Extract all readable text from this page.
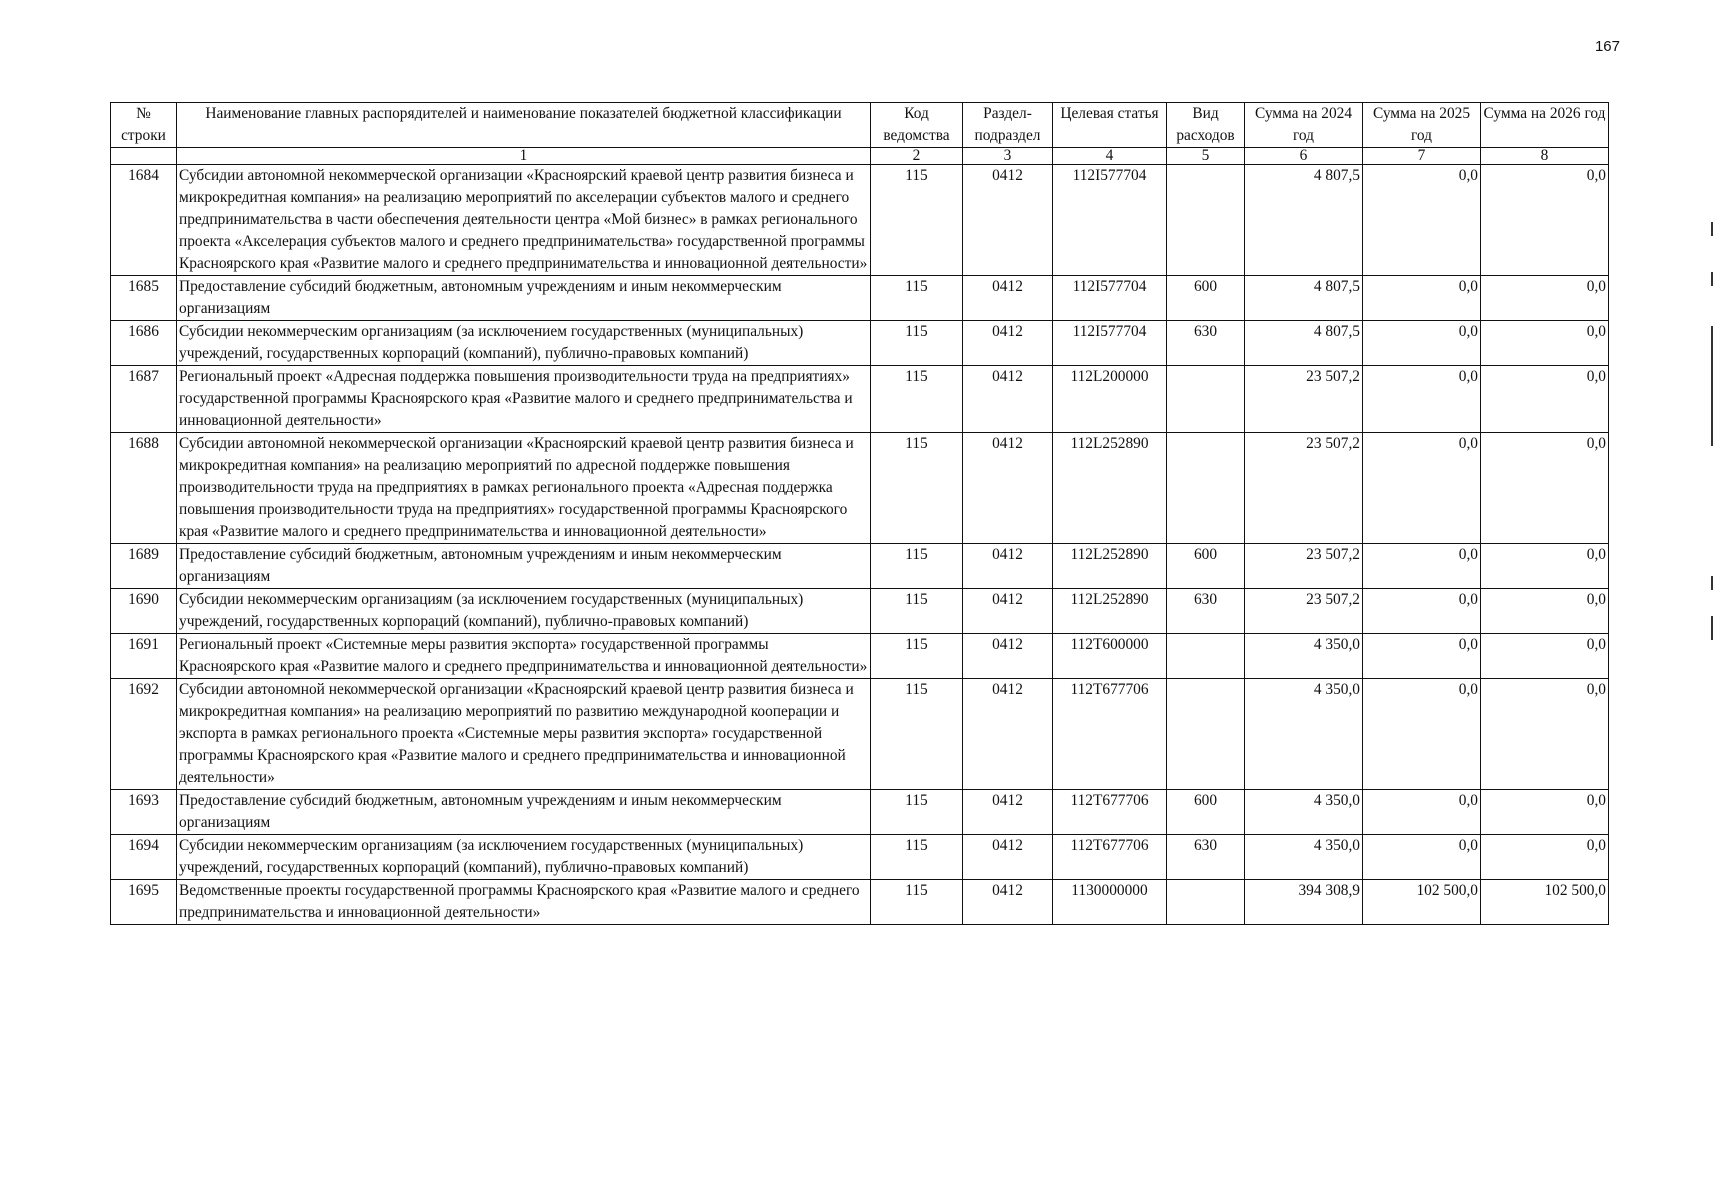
167
№ строки	Наименование главных распорядителей и наименование показателей бюджетной классификации	Код ведомства	Раздел-подраздел	Целевая статья	Вид расходов	Сумма на 2024 год	Сумма на 2025 год	Сумма на 2026 год
	1	2	3	4	5	6	7	8
1684	Субсидии автономной некоммерческой организации «Красноярский краевой центр развития бизнеса и микрокредитная компания» на реализацию мероприятий по акселерации субъектов малого и среднего предпринимательства в части обеспечения деятельности центра «Мой бизнес» в рамках регионального проекта «Акселерация субъектов малого и среднего предпринимательства» государственной программы Красноярского края «Развитие малого и среднего предпринимательства и инновационной деятельности»	115	0412	112I577704		4 807,5	0,0	0,0
1685	Предоставление субсидий бюджетным, автономным учреждениям и иным некоммерческим организациям	115	0412	112I577704	600	4 807,5	0,0	0,0
1686	Субсидии некоммерческим организациям (за исключением государственных (муниципальных) учреждений, государственных корпораций (компаний), публично-правовых компаний)	115	0412	112I577704	630	4 807,5	0,0	0,0
1687	Региональный проект «Адресная поддержка повышения производительности труда на предприятиях» государственной программы Красноярского края «Развитие малого и среднего предпринимательства и инновационной деятельности»	115	0412	112L200000		23 507,2	0,0	0,0
1688	Субсидии автономной некоммерческой организации «Красноярский краевой центр развития бизнеса и микрокредитная компания» на реализацию мероприятий по адресной поддержке повышения производительности труда на предприятиях в рамках регионального проекта «Адресная поддержка повышения производительности труда на предприятиях» государственной программы Красноярского края «Развитие малого и среднего предпринимательства и инновационной деятельности»	115	0412	112L252890		23 507,2	0,0	0,0
1689	Предоставление субсидий бюджетным, автономным учреждениям и иным некоммерческим организациям	115	0412	112L252890	600	23 507,2	0,0	0,0
1690	Субсидии некоммерческим организациям (за исключением государственных (муниципальных) учреждений, государственных корпораций (компаний), публично-правовых компаний)	115	0412	112L252890	630	23 507,2	0,0	0,0
1691	Региональный проект «Системные меры развития экспорта» государственной программы Красноярского края «Развитие малого и среднего предпринимательства и инновационной деятельности»	115	0412	112T600000		4 350,0	0,0	0,0
1692	Субсидии автономной некоммерческой организации «Красноярский краевой центр развития бизнеса и микрокредитная компания» на реализацию мероприятий по развитию международной кооперации и экспорта в рамках регионального проекта «Системные меры развития экспорта» государственной программы Красноярского края «Развитие малого и среднего предпринимательства и инновационной деятельности»	115	0412	112T677706		4 350,0	0,0	0,0
1693	Предоставление субсидий бюджетным, автономным учреждениям и иным некоммерческим организациям	115	0412	112T677706	600	4 350,0	0,0	0,0
1694	Субсидии некоммерческим организациям (за исключением государственных (муниципальных) учреждений, государственных корпораций (компаний), публично-правовых компаний)	115	0412	112T677706	630	4 350,0	0,0	0,0
1695	Ведомственные проекты государственной программы Красноярского края «Развитие малого и среднего предпринимательства и инновационной деятельности»	115	0412	1130000000		394 308,9	102 500,0	102 500,0
